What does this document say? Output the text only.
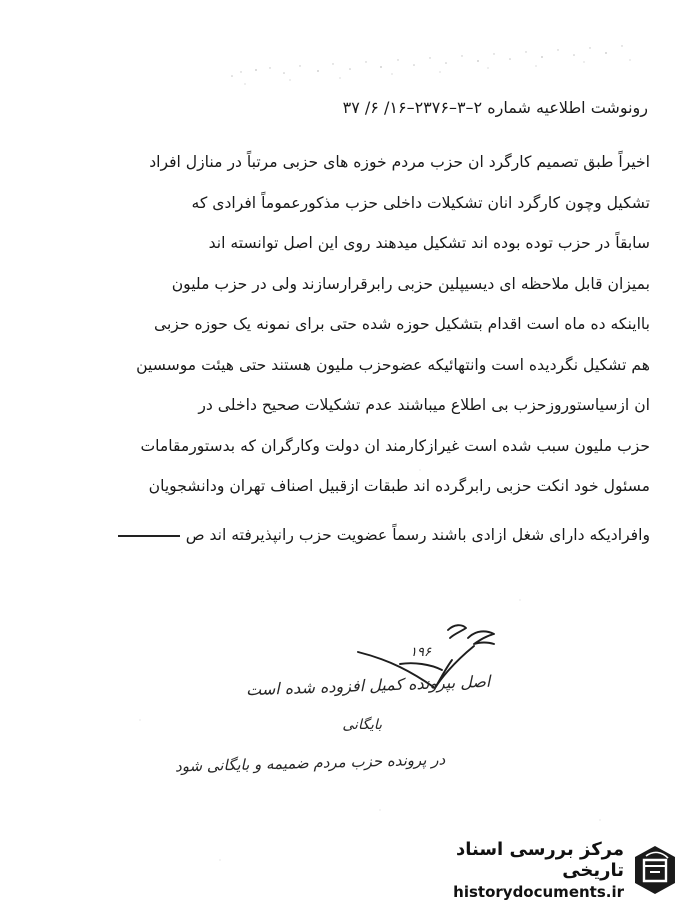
رونوشت اطلاعیه شماره ۲–۳–۲۳۷۶–۱۶/ ۶/ ۳۷
اخیراً طبق تصمیم کارگرد ان حزب مردم خوزه های حزبی مرتباً در منازل افراد
تشکیل وچون کارگرد انان تشکیلات داخلی حزب مذکورعموماً افرادی که
سابقاً در حزب توده بوده اند تشکیل میدهند روی این اصل توانسته اند
بمیزان قابل ملاحظه ای دیسیپلین حزبی رابرقرارسازند ولی در حزب ملیون
بااینکه ده ماه است اقدام بتشکیل حوزه شده حتی برای نمونه یک حوزه حزبی
هم تشکیل نگردیده است وانتهائیکه عضوحزب ملیون هستند حتی هیئت موسسین
ان ازسیاستوروزحزب بی اطلاع میباشند عدم تشکیلات صحیح داخلی در
حزب ملیون سبب شده است غیرازکارمند ان دولت وکارگران که بدستورمقامات
مسئول خود انکت حزبی رابرگرده اند طبقات ازقبیل اصناف تهران ودانشجویان
وافرادیکه دارای شغل ازادی باشند رسماً عضویت حزب رانپذیرفته اند ص
۱۹۶
اصل بپرونده کمیل افزوده شده است
بایگانی
در پرونده حزب مردم ضمیمه و بایگانی شود
مرکز بررسی اسناد تاریخی
historydocuments.ir
